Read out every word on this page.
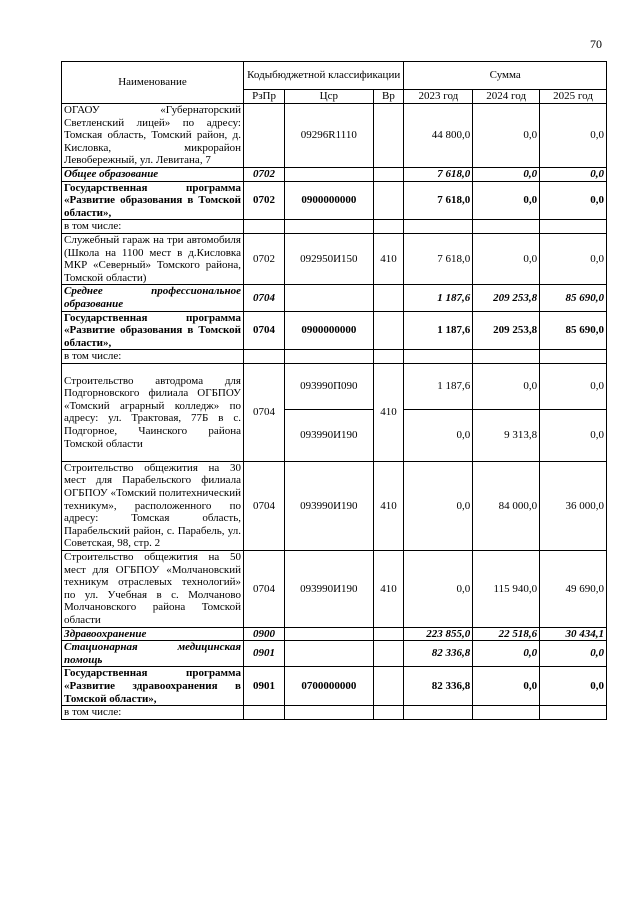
70
Наименование	Кодыбюджетной классификации			Сумма		
	РзПр	Цср	Вр	2023 год	2024 год	2025 год
ОГАОУ «Губернаторский Светленский лицей» по адресу: Томская область, Томский район, д. Кисловка, микрорайон Левобережный, ул. Левитана, 7		09296R1110		44 800,0	0,0	0,0
Общее образование	0702			7 618,0	0,0	0,0
Государственная программа «Развитие образования в Томской области»,	0702	0900000000		7 618,0	0,0	0,0
в том числе:						
Служебный гараж на три автомобиля (Школа на 1100 мест в д.Кисловка МКР «Северный» Томского района, Томской области)	0702	092950И150	410	7 618,0	0,0	0,0
Среднее профессиональное образование	0704			1 187,6	209 253,8	85 690,0
Государственная программа «Развитие образования в Томской области»,	0704	0900000000		1 187,6	209 253,8	85 690,0
в том числе:						
Строительство автодрома для Подгорновского филиала ОГБПОУ «Томский аграрный колледж» по адресу: ул. Трактовая, 77Б в с. Подгорное, Чаинского района Томской области	0704	093990П090	410	1 187,6	0,0	0,0
		093990И190		0,0	9 313,8	0,0
Строительство общежития на 30 мест для Парабельского филиала ОГБПОУ «Томский политехнический техникум», расположенного по адресу: Томская область, Парабельский район, с. Парабель, ул. Советская, 98, стр. 2	0704	093990И190	410	0,0	84 000,0	36 000,0
Строительство общежития на 50 мест для ОГБПОУ «Молчановский техникум отраслевых технологий» по ул. Учебная в с. Молчаново Молчановского района Томской области	0704	093990И190	410	0,0	115 940,0	49 690,0
Здравоохранение	0900			223 855,0	22 518,6	30 434,1
Стационарная медицинская помощь	0901			82 336,8	0,0	0,0
Государственная программа «Развитие здравоохранения в Томской области»,	0901	0700000000		82 336,8	0,0	0,0
в том числе:						
